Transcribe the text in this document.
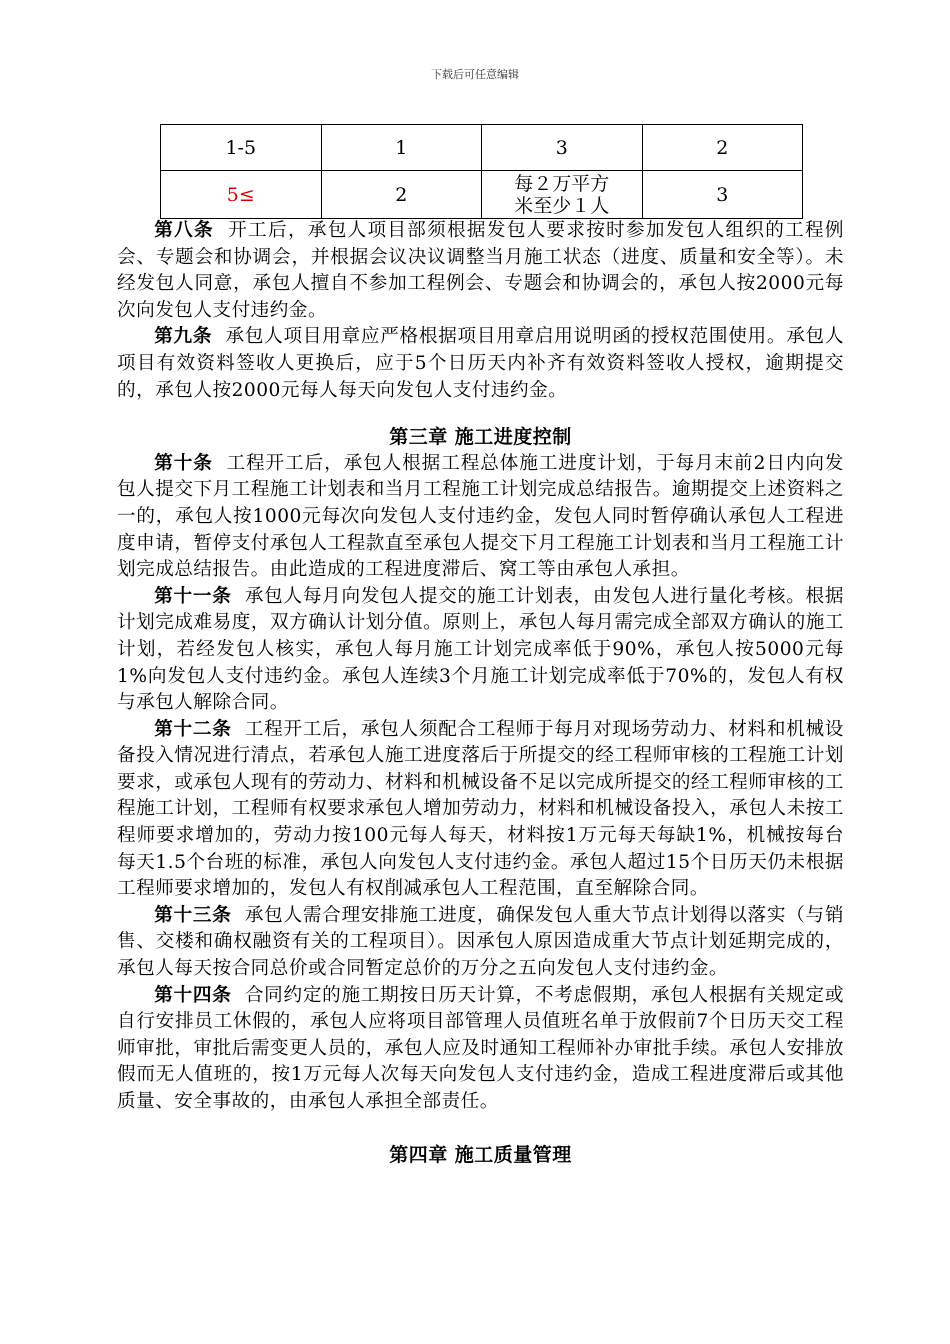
下载后可任意编辑
1-5	1	3	2
5≤	2	每２万平方米至少１人	3

第八条 开工后，承包人项目部须根据发包人要求按时参加发包人组织的工程例会、专题会和协调会，并根据会议决议调整当月施工状态（进度、质量和安全等）。未经发包人同意，承包人擅自不参加工程例会、专题会和协调会的，承包人按2000元每次向发包人支付违约金。

第九条 承包人项目用章应严格根据项目用章启用说明函的授权范围使用。承包人项目有效资料签收人更换后，应于5个日历天内补齐有效资料签收人授权，逾期提交的，承包人按2000元每人每天向发包人支付违约金。

第三章 施工进度控制

第十条 工程开工后，承包人根据工程总体施工进度计划，于每月末前2日内向发包人提交下月工程施工计划表和当月工程施工计划完成总结报告。逾期提交上述资料之一的，承包人按1000元每次向发包人支付违约金，发包人同时暂停确认承包人工程进度申请，暂停支付承包人工程款直至承包人提交下月工程施工计划表和当月工程施工计划完成总结报告。由此造成的工程进度滞后、窝工等由承包人承担。

第十一条 承包人每月向发包人提交的施工计划表，由发包人进行量化考核。根据计划完成难易度，双方确认计划分值。原则上，承包人每月需完成全部双方确认的施工计划，若经发包人核实，承包人每月施工计划完成率低于90%，承包人按5000元每1%向发包人支付违约金。承包人连续3个月施工计划完成率低于70%的，发包人有权与承包人解除合同。

第十二条 工程开工后，承包人须配合工程师于每月对现场劳动力、材料和机械设备投入情况进行清点，若承包人施工进度落后于所提交的经工程师审核的工程施工计划要求，或承包人现有的劳动力、材料和机械设备不足以完成所提交的经工程师审核的工程施工计划，工程师有权要求承包人增加劳动力，材料和机械设备投入，承包人未按工程师要求增加的，劳动力按100元每人每天，材料按1万元每天每缺1%，机械按每台每天1.5个台班的标准，承包人向发包人支付违约金。承包人超过15个日历天仍未根据工程师要求增加的，发包人有权削减承包人工程范围，直至解除合同。

第十三条 承包人需合理安排施工进度，确保发包人重大节点计划得以落实（与销售、交楼和确权融资有关的工程项目）。因承包人原因造成重大节点计划延期完成的，承包人每天按合同总价或合同暂定总价的万分之五向发包人支付违约金。

第十四条 合同约定的施工期按日历天计算，不考虑假期，承包人根据有关规定或自行安排员工休假的，承包人应将项目部管理人员值班名单于放假前7个日历天交工程师审批，审批后需变更人员的，承包人应及时通知工程师补办审批手续。承包人安排放假而无人值班的，按1万元每人次每天向发包人支付违约金，造成工程进度滞后或其他质量、安全事故的，由承包人承担全部责任。

第四章 施工质量管理
